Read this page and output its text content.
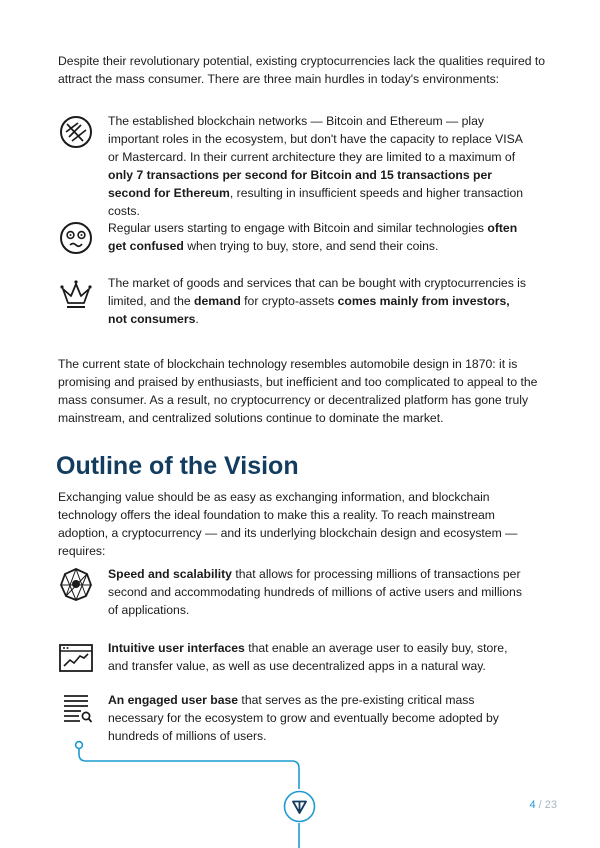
Despite their revolutionary potential, existing cryptocurrencies lack the qualities required to attract the mass consumer. There are three main hurdles in today's environments:

The established blockchain networks — Bitcoin and Ethereum — play important roles in the ecosystem, but don't have the capacity to replace VISA or Mastercard. In their current architecture they are limited to a maximum of only 7 transactions per second for Bitcoin and 15 transactions per second for Ethereum, resulting in insufficient speeds and higher transaction costs.

Regular users starting to engage with Bitcoin and similar technologies often get confused when trying to buy, store, and send their coins.

The market of goods and services that can be bought with cryptocurrencies is limited, and the demand for crypto-assets comes mainly from investors, not consumers.

The current state of blockchain technology resembles automobile design in 1870: it is promising and praised by enthusiasts, but inefficient and too complicated to appeal to the mass consumer. As a result, no cryptocurrency or decentralized platform has gone truly mainstream, and centralized solutions continue to dominate the market.

Outline of the Vision

Exchanging value should be as easy as exchanging information, and blockchain technology offers the ideal foundation to make this a reality. To reach mainstream adoption, a cryptocurrency — and its underlying blockchain design and ecosystem — requires:

Speed and scalability that allows for processing millions of transactions per second and accommodating hundreds of millions of active users and millions of applications.

Intuitive user interfaces that enable an average user to easily buy, store, and transfer value, as well as use decentralized apps in a natural way.

An engaged user base that serves as the pre-existing critical mass necessary for the ecosystem to grow and eventually become adopted by hundreds of millions of users.

4 / 23
